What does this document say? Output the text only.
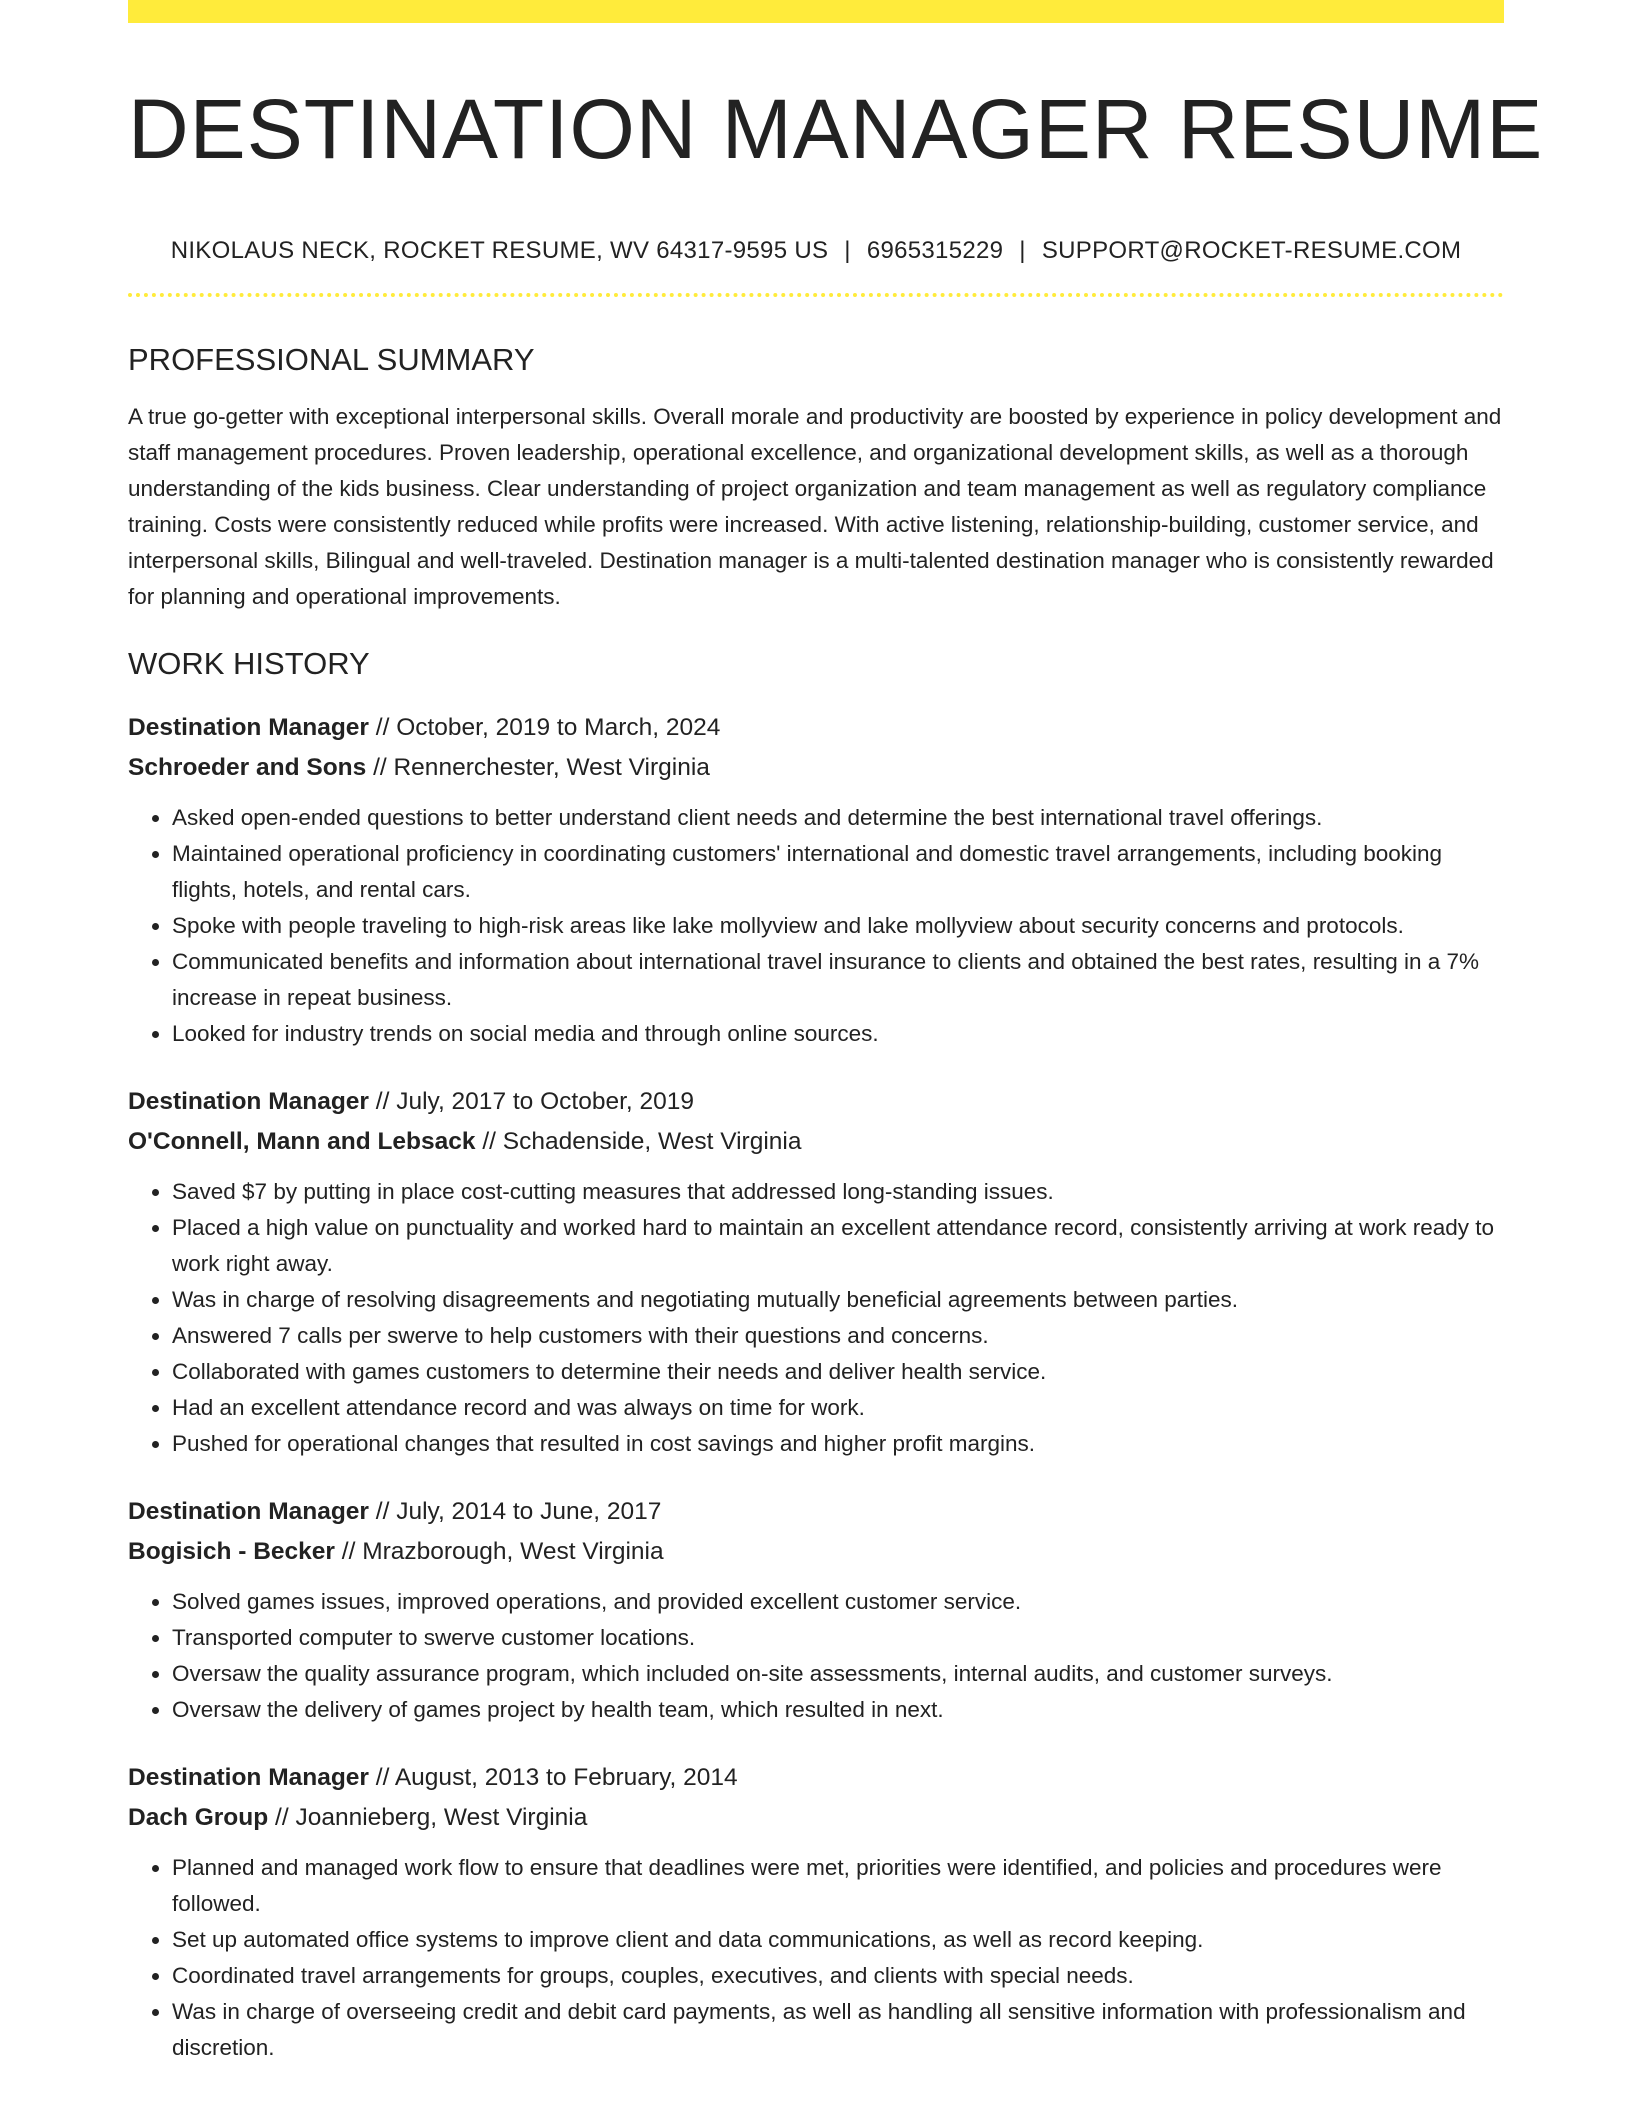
DESTINATION MANAGER RESUME
NIKOLAUS NECK, ROCKET RESUME, WV 64317-9595 US | 6965315229 | SUPPORT@ROCKET-RESUME.COM
PROFESSIONAL SUMMARY

A true go-getter with exceptional interpersonal skills. Overall morale and productivity are boosted by experience in policy development and staff management procedures. Proven leadership, operational excellence, and organizational development skills, as well as a thorough understanding of the kids business. Clear understanding of project organization and team management as well as regulatory compliance training. Costs were consistently reduced while profits were increased. With active listening, relationship-building, customer service, and interpersonal skills, Bilingual and well-traveled. Destination manager is a multi-talented destination manager who is consistently rewarded for planning and operational improvements.

WORK HISTORY
Destination Manager // October, 2019 to March, 2024
Schroeder and Sons // Rennerchester, West Virginia
• Asked open-ended questions to better understand client needs and determine the best international travel offerings.
• Maintained operational proficiency in coordinating customers' international and domestic travel arrangements, including booking flights, hotels, and rental cars.
• Spoke with people traveling to high-risk areas like lake mollyview and lake mollyview about security concerns and protocols.
• Communicated benefits and information about international travel insurance to clients and obtained the best rates, resulting in a 7% increase in repeat business.
• Looked for industry trends on social media and through online sources.
Destination Manager // July, 2017 to October, 2019
O'Connell, Mann and Lebsack // Schadenside, West Virginia
• Saved $7 by putting in place cost-cutting measures that addressed long-standing issues.
• Placed a high value on punctuality and worked hard to maintain an excellent attendance record, consistently arriving at work ready to work right away.
• Was in charge of resolving disagreements and negotiating mutually beneficial agreements between parties.
• Answered 7 calls per swerve to help customers with their questions and concerns.
• Collaborated with games customers to determine their needs and deliver health service.
• Had an excellent attendance record and was always on time for work.
• Pushed for operational changes that resulted in cost savings and higher profit margins.
Destination Manager // July, 2014 to June, 2017
Bogisich - Becker // Mrazborough, West Virginia
• Solved games issues, improved operations, and provided excellent customer service.
• Transported computer to swerve customer locations.
• Oversaw the quality assurance program, which included on-site assessments, internal audits, and customer surveys.
• Oversaw the delivery of games project by health team, which resulted in next.
Destination Manager // August, 2013 to February, 2014
Dach Group // Joannieberg, West Virginia
• Planned and managed work flow to ensure that deadlines were met, priorities were identified, and policies and procedures were followed.
• Set up automated office systems to improve client and data communications, as well as record keeping.
• Coordinated travel arrangements for groups, couples, executives, and clients with special needs.
• Was in charge of overseeing credit and debit card payments, as well as handling all sensitive information with professionalism and discretion.
